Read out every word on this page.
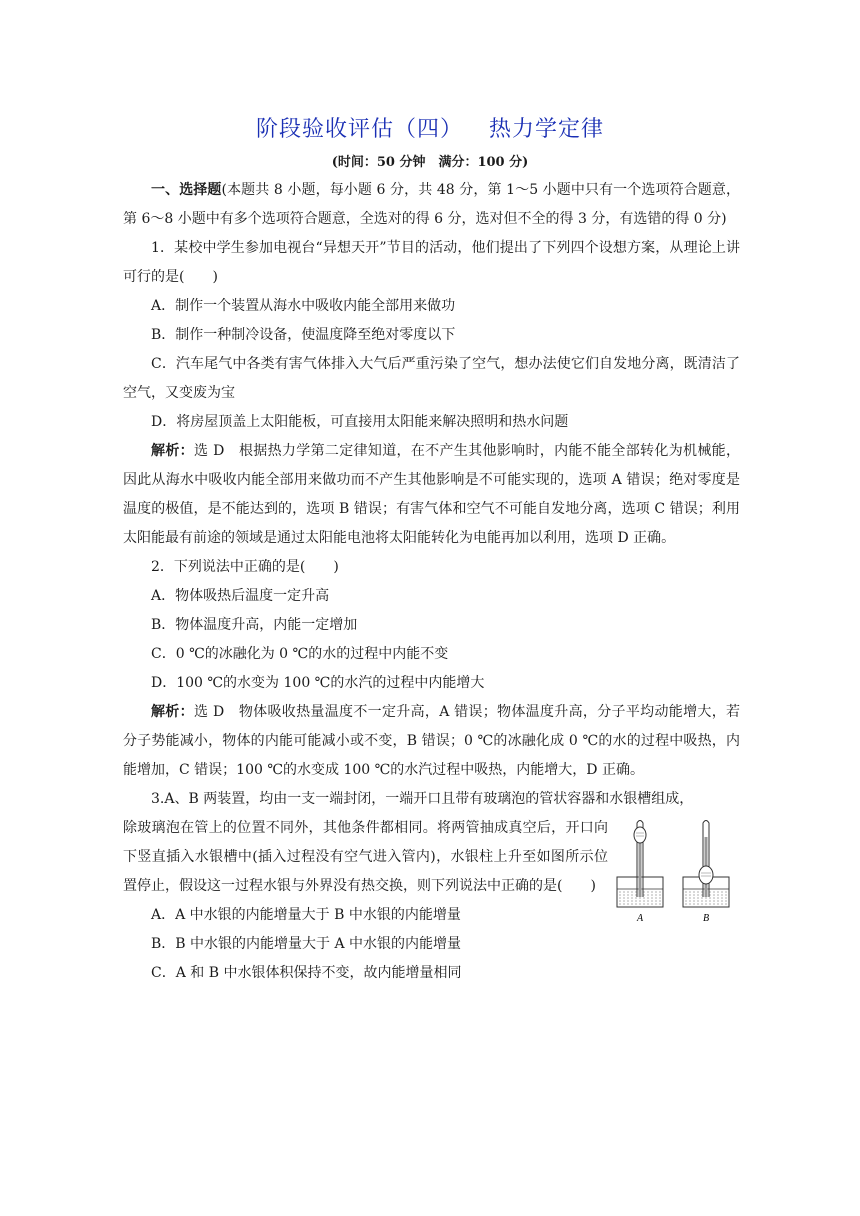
阶段验收评估（四） 热力学定律
(时间：50 分钟　满分：100 分)

一、选择题(本题共 8 小题，每小题 6 分，共 48 分，第 1～5 小题中只有一个选项符合题意，第 6～8 小题中有多个选项符合题意，全选对的得 6 分，选对但不全的得 3 分，有选错的得 0 分)

1．某校中学生参加电视台“异想天开”节目的活动，他们提出了下列四个设想方案，从理论上讲可行的是(　　)

A．制作一个装置从海水中吸收内能全部用来做功

B．制作一种制冷设备，使温度降至绝对零度以下

C．汽车尾气中各类有害气体排入大气后严重污染了空气，想办法使它们自发地分离，既清洁了空气，又变废为宝

D．将房屋顶盖上太阳能板，可直接用太阳能来解决照明和热水问题

解析：选 D　根据热力学第二定律知道，在不产生其他影响时，内能不能全部转化为机械能，因此从海水中吸收内能全部用来做功而不产生其他影响是不可能实现的，选项 A 错误；绝对零度是温度的极值，是不能达到的，选项 B 错误；有害气体和空气不可能自发地分离，选项 C 错误；利用太阳能最有前途的领域是通过太阳能电池将太阳能转化为电能再加以利用，选项 D 正确。

2．下列说法中正确的是(　　)

A．物体吸热后温度一定升高

B．物体温度升高，内能一定增加

C．0 ℃的冰融化为 0 ℃的水的过程中内能不变

D．100 ℃的水变为 100 ℃的水汽的过程中内能增大

解析：选 D　物体吸收热量温度不一定升高，A 错误；物体温度升高，分子平均动能增大，若分子势能减小，物体的内能可能减小或不变，B 错误；0 ℃的冰融化成 0 ℃的水的过程中吸热，内能增加，C 错误；100 ℃的水变成 100 ℃的水汽过程中吸热，内能增大，D 正确。

3.A、B 两装置，均由一支一端封闭，一端开口且带有玻璃泡的管状容器和水银槽组成，

除玻璃泡在管上的位置不同外，其他条件都相同。将两管抽成真空后，开口向下竖直插入水银槽中(插入过程没有空气进入管内)，水银柱上升至如图所示位置停止，假设这一过程水银与外界没有热交换，则下列说法中正确的是(　　)

A	B

A．A 中水银的内能增量大于 B 中水银的内能增量

B．B 中水银的内能增量大于 A 中水银的内能增量

C．A 和 B 中水银体积保持不变，故内能增量相同
